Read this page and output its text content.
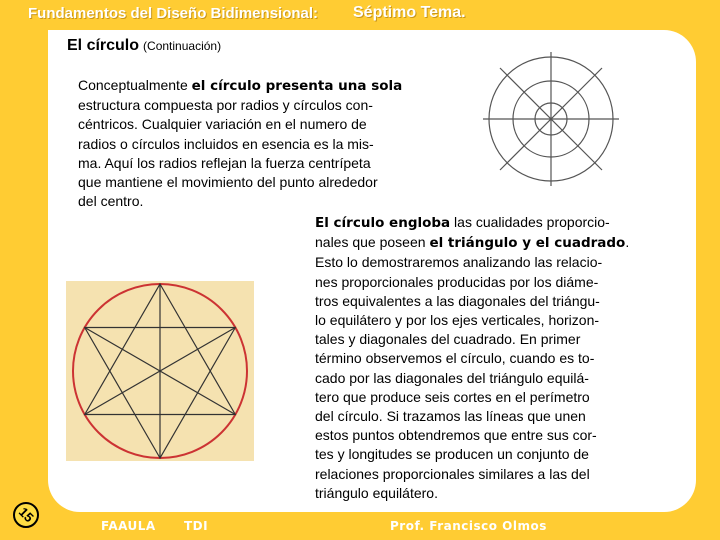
Fundamentos del Diseño Bidimensional: Séptimo Tema.
El círculo (Continuación)
Conceptualmente el círculo presenta una sola
estructura compuesta por radios y círculos con-
céntricos. Cualquier variación en el numero de
radios o círculos incluidos en esencia es la mis-
ma. Aquí los radios reflejan la fuerza centrípeta
que mantiene el movimiento del punto alrededor
del centro.
El círculo engloba las cualidades proporcio-
nales que poseen el triángulo y el cuadrado.
Esto lo demostraremos analizando las relacio-
nes proporcionales producidas por los diáme-
tros equivalentes a las diagonales del triángu-
lo equilátero y por los ejes verticales, horizon-
tales y diagonales del cuadrado. En primer
término observemos el círculo, cuando es to-
cado por las diagonales del triángulo equilá-
tero que produce seis cortes en el perímetro
del círculo. Si trazamos las líneas que unen
estos puntos obtendremos que entre sus cor-
tes y longitudes se producen un conjunto de
relaciones proporcionales similares a las del
triángulo equilátero.
15
FAAULA TDI	Prof. Francisco Olmos
